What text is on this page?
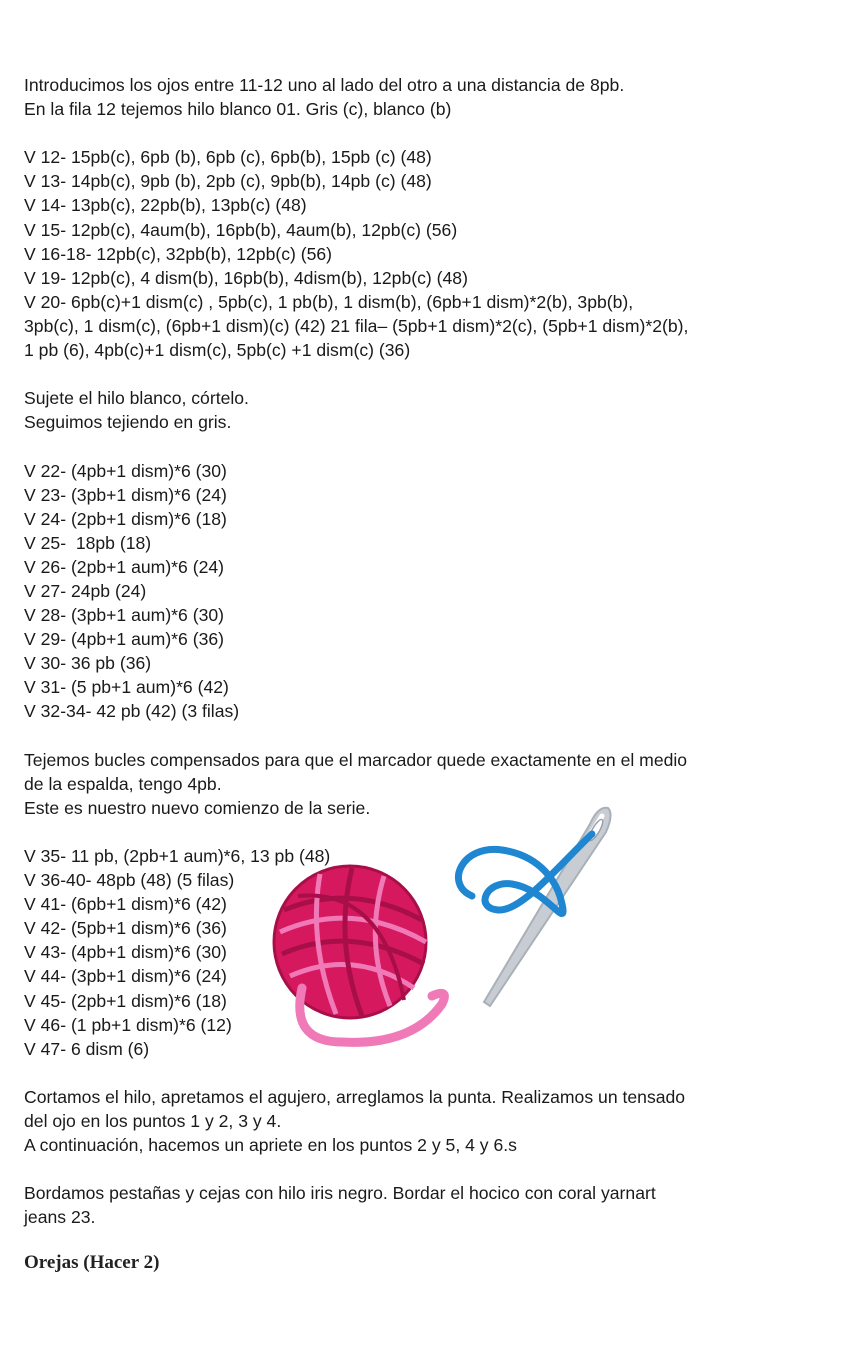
Introducimos los ojos entre 11-12 uno al lado del otro a una distancia de 8pb.
En la fila 12 tejemos hilo blanco 01. Gris (c), blanco (b)
V 12- 15pb(c), 6pb (b), 6pb (c), 6pb(b), 15pb (c) (48)
V 13- 14pb(c), 9pb (b), 2pb (c), 9pb(b), 14pb (c) (48)
V 14- 13pb(c), 22pb(b), 13pb(c) (48)
V 15- 12pb(c), 4aum(b), 16pb(b), 4aum(b), 12pb(c) (56)
V 16-18- 12pb(c), 32pb(b), 12pb(c) (56)
V 19- 12pb(c), 4 dism(b), 16pb(b), 4dism(b), 12pb(c) (48)
V 20- 6pb(c)+1 dism(c) , 5pb(c), 1 pb(b), 1 dism(b), (6pb+1 dism)*2(b), 3pb(b),
3pb(c), 1 dism(c), (6pb+1 dism)(c) (42) 21 fila– (5pb+1 dism)*2(c), (5pb+1 dism)*2(b),
1 pb (6), 4pb(c)+1 dism(c), 5pb(c) +1 dism(c) (36)
Sujete el hilo blanco, córtelo.
Seguimos tejiendo en gris.
V 22- (4pb+1 dism)*6 (30)
V 23- (3pb+1 dism)*6 (24)
V 24- (2pb+1 dism)*6 (18)
V 25-  18pb (18)
V 26- (2pb+1 aum)*6 (24)
V 27- 24pb (24)
V 28- (3pb+1 aum)*6 (30)
V 29- (4pb+1 aum)*6 (36)
V 30- 36 pb (36)
V 31- (5 pb+1 aum)*6 (42)
V 32-34- 42 pb (42) (3 filas)
Tejemos bucles compensados para que el marcador quede exactamente en el medio
de la espalda, tengo 4pb.
Este es nuestro nuevo comienzo de la serie.
V 35- 11 pb, (2pb+1 aum)*6, 13 pb (48)
V 36-40- 48pb (48) (5 filas)
V 41- (6pb+1 dism)*6 (42)
V 42- (5pb+1 dism)*6 (36)
V 43- (4pb+1 dism)*6 (30)
V 44- (3pb+1 dism)*6 (24)
V 45- (2pb+1 dism)*6 (18)
V 46- (1 pb+1 dism)*6 (12)
V 47- 6 dism (6)
Cortamos el hilo, apretamos el agujero, arreglamos la punta. Realizamos un tensado
del ojo en los puntos 1 y 2, 3 y 4.
A continuación, hacemos un apriete en los puntos 2 y 5, 4 y 6.s
Bordamos pestañas y cejas con hilo iris negro. Bordar el hocico con coral yarnart
jeans 23.
Orejas (Hacer 2)
